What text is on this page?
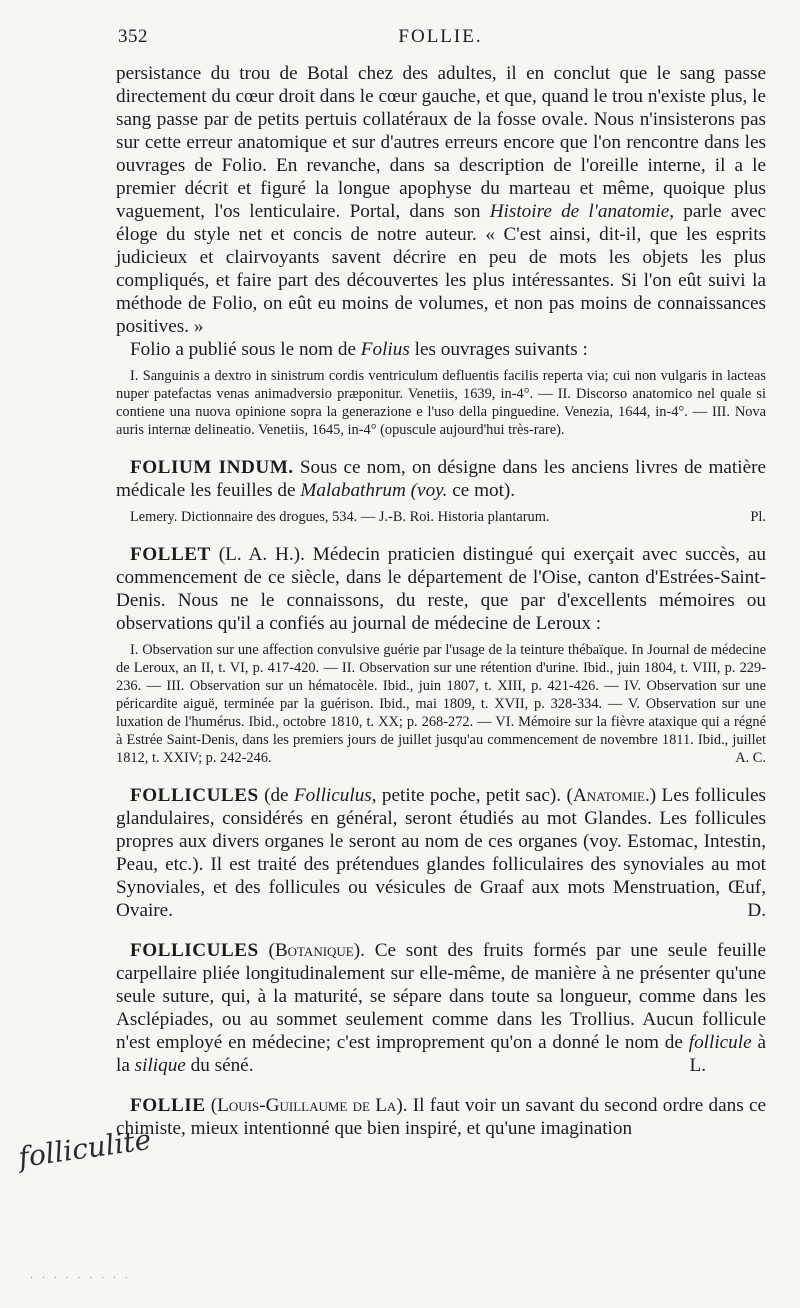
352	FOLLIE.
folliculite

persistance du trou de Botal chez des adultes, il en conclut que le sang passe directement du cœur droit dans le cœur gauche, et que, quand le trou n'existe plus, le sang passe par de petits pertuis collatéraux de la fosse ovale. Nous n'insisterons pas sur cette erreur anatomique et sur d'autres erreurs encore que l'on rencontre dans les ouvrages de Folio. En revanche, dans sa description de l'oreille interne, il a le premier décrit et figuré la longue apophyse du marteau et même, quoique plus vaguement, l'os lenticulaire. Portal, dans son Histoire de l'anatomie, parle avec éloge du style net et concis de notre auteur. « C'est ainsi, dit-il, que les esprits judicieux et clairvoyants savent décrire en peu de mots les objets les plus compliqués, et faire part des découvertes les plus intéressantes. Si l'on eût suivi la méthode de Folio, on eût eu moins de volumes, et non pas moins de connaissances positives. »

Folio a publié sous le nom de Folius les ouvrages suivants :

I. Sanguinis a dextro in sinistrum cordis ventriculum defluentis facilis reperta via; cui non vulgaris in lacteas nuper patefactas venas animadversio præponitur. Venetiis, 1639, in-4°. — II. Discorso anatomico nel quale si contiene una nuova opinione sopra la generazione e l'uso della pinguedine. Venezia, 1644, in-4°. — III. Nova auris internæ delineatio. Venetiis, 1645, in-4° (opuscule aujourd'hui très-rare).

FOLIUM INDUM. Sous ce nom, on désigne dans les anciens livres de matière médicale les feuilles de Malabathrum (voy. ce mot).

Lemery. Dictionnaire des drogues, 534. — J.-B. Roi. Historia plantarum.	Pl.

FOLLET (L. A. H.). Médecin praticien distingué qui exerçait avec succès, au commencement de ce siècle, dans le département de l'Oise, canton d'Estrées-Saint-Denis. Nous ne le connaissons, du reste, que par d'excellents mémoires ou observations qu'il a confiés au journal de médecine de Leroux :

I. Observation sur une affection convulsive guérie par l'usage de la teinture thébaïque. In Journal de médecine de Leroux, an II, t. VI, p. 417-420. — II. Observation sur une rétention d'urine. Ibid., juin 1804, t. VIII, p. 229-236. — III. Observation sur un hématocèle. Ibid., juin 1807, t. XIII, p. 421-426. — IV. Observation sur une péricardite aiguë, terminée par la guérison. Ibid., mai 1809, t. XVII, p. 328-334. — V. Observation sur une luxation de l'humérus. Ibid., octobre 1810, t. XX; p. 268-272. — VI. Mémoire sur la fièvre ataxique qui a régné à Estrée Saint-Denis, dans les premiers jours de juillet jusqu'au commencement de novembre 1811. Ibid., juillet 1812, t. XXIV; p. 242-246.	A. C.

FOLLICULES (de Folliculus, petite poche, petit sac). (Anatomie.) Les follicules glandulaires, considérés en général, seront étudiés au mot Glandes. Les follicules propres aux divers organes le seront au nom de ces organes (voy. Estomac, Intestin, Peau, etc.). Il est traité des prétendues glandes folliculaires des synoviales au mot Synoviales, et des follicules ou vésicules de Graaf aux mots Menstruation, Œuf, Ovaire.	D.

FOLLICULES (Botanique). Ce sont des fruits formés par une seule feuille carpellaire pliée longitudinalement sur elle-même, de manière à ne présenter qu'une seule suture, qui, à la maturité, se sépare dans toute sa longueur, comme dans les Asclépiades, ou au sommet seulement comme dans les Trollius. Aucun follicule n'est employé en médecine; c'est improprement qu'on a donné le nom de follicule à la silique du séné.	L.

FOLLIE (Louis-Guillaume de La). Il faut voir un savant du second ordre dans ce chimiste, mieux intentionné que bien inspiré, et qu'une imagination

· · · · · · · · ·
